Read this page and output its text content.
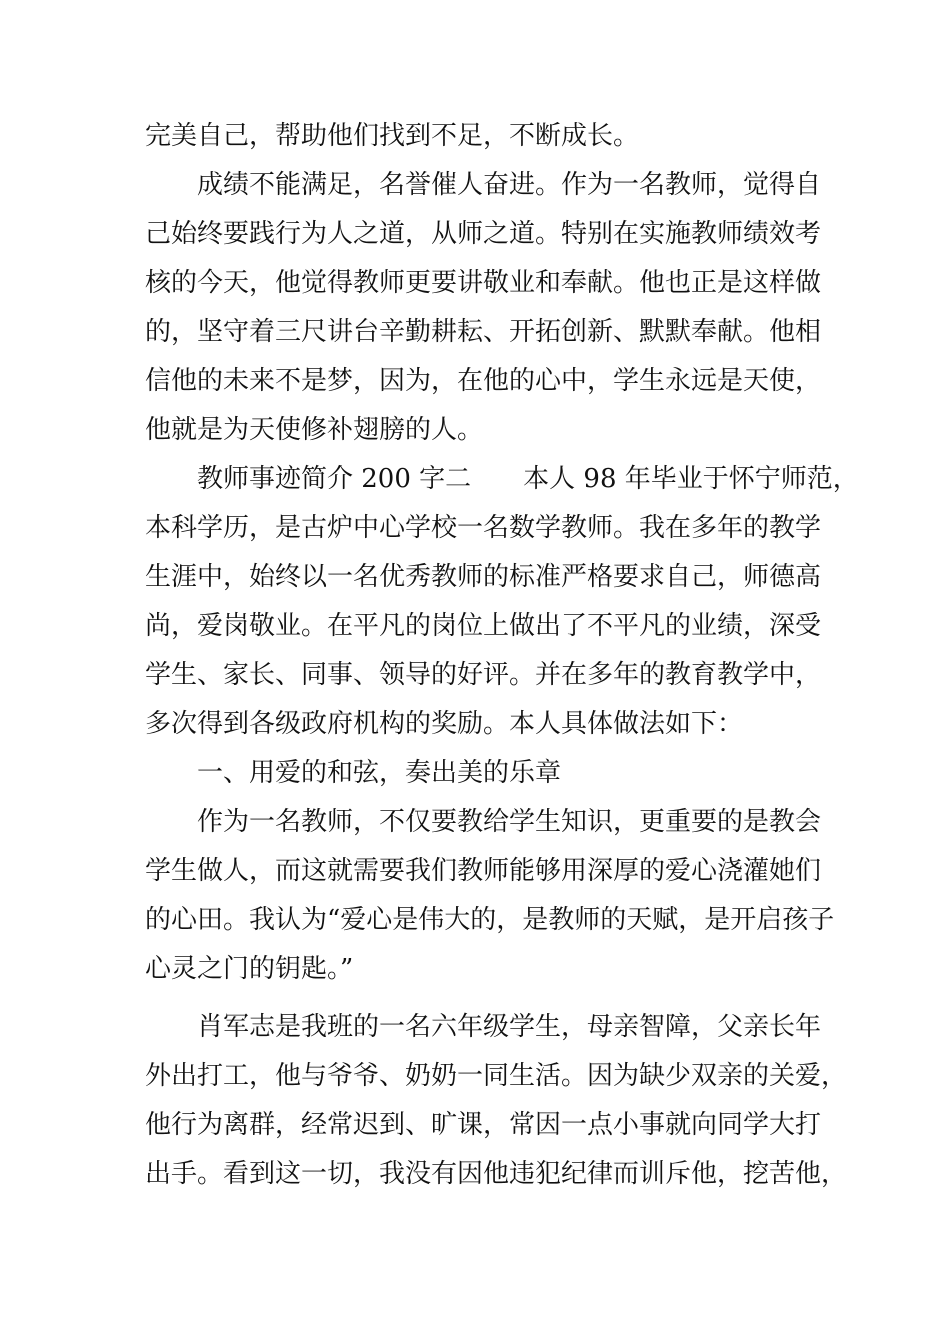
完美自己，帮助他们找到不足，不断成长。
成绩不能满足，名誉催人奋进。作为一名教师，觉得自
己始终要践行为人之道，从师之道。特别在实施教师绩效考
核的今天，他觉得教师更要讲敬业和奉献。他也正是这样做
的，坚守着三尺讲台辛勤耕耘、开拓创新、默默奉献。他相
信他的未来不是梦，因为，在他的心中，学生永远是天使，
他就是为天使修补翅膀的人。
教师事迹简介 200 字二　　本人 98 年毕业于怀宁师范，
本科学历，是古炉中心学校一名数学教师。我在多年的教学
生涯中，始终以一名优秀教师的标准严格要求自己，师德高
尚，爱岗敬业。在平凡的岗位上做出了不平凡的业绩，深受
学生、家长、同事、领导的好评。并在多年的教育教学中，
多次得到各级政府机构的奖励。本人具体做法如下：
一、用爱的和弦，奏出美的乐章
作为一名教师，不仅要教给学生知识，更重要的是教会
学生做人，而这就需要我们教师能够用深厚的爱心浇灌她们
的心田。我认为“爱心是伟大的，是教师的天赋，是开启孩子
心灵之门的钥匙。”
肖军志是我班的一名六年级学生，母亲智障，父亲长年
外出打工，他与爷爷、奶奶一同生活。因为缺少双亲的关爱，
他行为离群，经常迟到、旷课，常因一点小事就向同学大打
出手。看到这一切，我没有因他违犯纪律而训斥他，挖苦他，
